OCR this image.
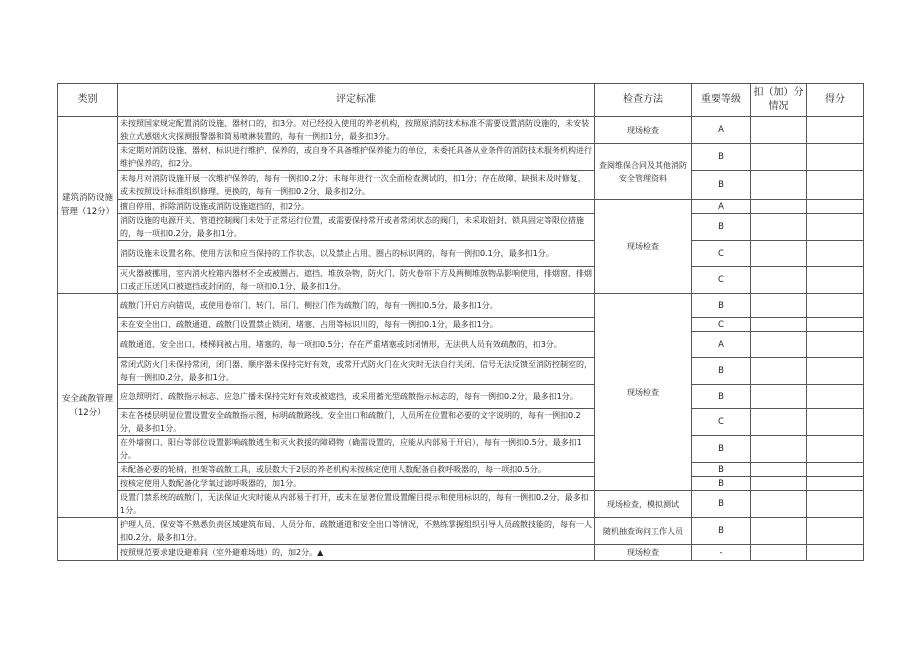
类别	评定标准	检查方法	重要等级	扣（加）分情况	得分
建筑消防设施管理（12分）	未按照国家规定配置消防设施、器材口的，扣3分。对已经投入使用的养老机构，按照原消防技术标准不需要设置消防设施的，未安装独立式感烟火灾探测报警器和简易喷淋装置的，每有一例扣1分，最多扣3分。	现场检查	A		
	未定期对消防设施、器材、标识进行维护、保养的，或自身不具备维护保养能力的单位，未委托具备从业条件的消防技术服务机构进行维护保养的，扣2分。	查阅维保合同及其他消防安全管理资料	B		
	未每月对消防设施开展一次维护保养的，每有一例扣0.2分；未每年进行一次全面检查测试的，扣1分；存在故障、缺损未及时修复，或未按照设计标准组织修理、更换的，每有一例扣0.2分，最多扣2分。		B		
	擅自停用、拆除消防设施或消防设施遮挡的，扣2分。	现场检查	A		
	消防设施的电源开关、管道控制阀门未处于正常运行位置，或需要保持常开或者常闭状态的阀门，未采取铅封、锁具固定等限位措施的，每一项扣0.2分，最多扣1分。		B		
	消防设施未设置名称、使用方法和应当保持的工作状态，以及禁止占用、圈占的标识网的，每有一例扣0.1分，最多扣1分。		C		
	灭火器被挪用，室内消火栓箱内器材不全或被圈占、遮挡、堆放杂物，防火门、防火卷帘下方及两侧堆放物品影响使用，排烟窗、排烟口或正压送风口被遮挡或封闭的，每一项扣0.1分，最多扣1分。		C		
安全疏散管理（12分）	疏散门开启方向错误，或使用卷帘门、转门、吊门、侧拉门作为疏散门的，每有一例扣0.5分，最多扣1分。	现场检查	B		
	未在安全出口、疏散通道、疏散门设置禁止锁闭、堵塞、占用等标识川的，每有一例扣0.1分，最多扣1分。		C		
	疏散通道、安全出口、楼梯间被占用、堵塞的，每一项扣0.5分；存在严重堵塞或封闭情形，无法供人员有效疏散的，扣3分。		A		
	常闭式防火门未保持常闭，闭门器、顺序器未保持完好有效，或常开式防火门在火灾时无法自行关闭、信号无法反馈至消防控制室的，每有一例扣0.2分，最多扣1分。		B		
	应急照明灯、疏散指示标志、应急广播未保持完好有效或被遮挡，或采用蓄光型疏散指示标志的，每有一例扣0.2分，最多扣1分。		B		
	未在各楼层明显位置设置安全疏散指示图，标明疏散路线、安全出口和疏散门，人员所在位置和必要的文字说明的，每有一例扣0.2分，最多扣1分。		C		
	在外墙窗口、阳台等部位设置影响疏散逃生和灭火救援的障碍物（确需设置的，应能从内部易于开启），每有一例扣0.5分，最多扣1分。		B		
	未配备必要的轮椅，担架等疏散工具，或层数大于2层的养老机构未按核定使用人数配备自救呼吸器的，每一项扣0.5分。		B		
	按核定使用人数配备化学氧过滤呼吸器的，加1分。		B		
	设置门禁系统的疏散门，无法保证火灾时能从内部易于打开，或未在显著位置设置醒目提示和使用标识的，每有一例扣0.2分，最多扣1分。	现场检查，模拟测试	B		
	护理人员、保安等不熟悉负责区域建筑布局、人员分布、疏散通道和安全出口等情况，不熟练掌握组织引导人员疏散技能的，每有一人扣0.2分，最多扣1分。	随机抽查询问工作人员	B		
	按照规范要求建设避难间（室外避难场地）的，加2分。▲	现场检查	-		
